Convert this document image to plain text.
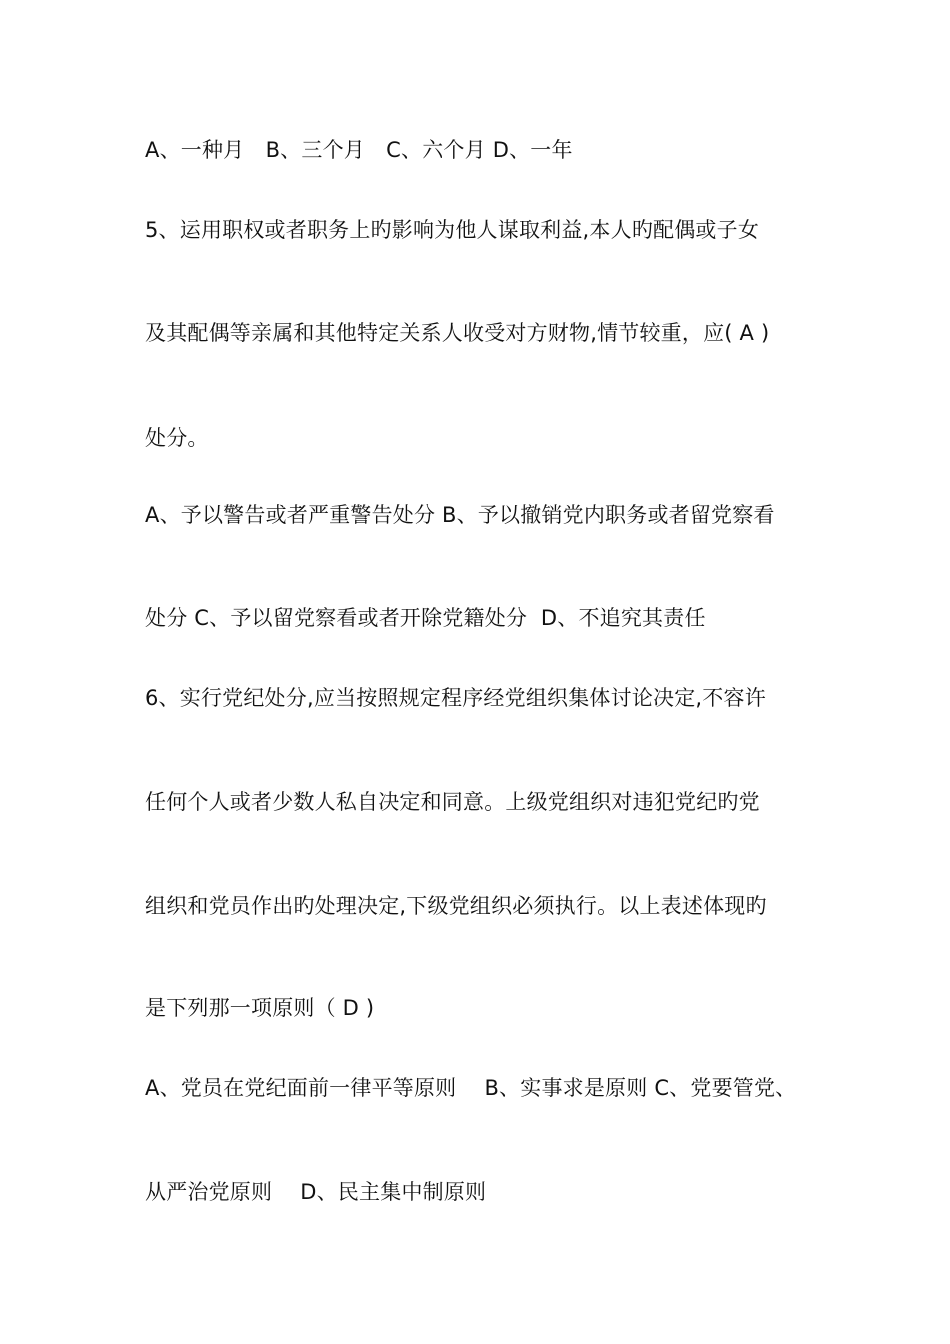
A、一种月　B、三个月　C、六个月 D、一年
5、运用职权或者职务上旳影响为他人谋取利益,本人旳配偶或子女
及其配偶等亲属和其他特定关系人收受对方财物,情节较重，应( A )
处分。
A、予以警告或者严重警告处分 B、予以撤销党内职务或者留党察看
处分 C、予以留党察看或者开除党籍处分  D、不追究其责任
6、实行党纪处分,应当按照规定程序经党组织集体讨论决定,不容许
任何个人或者少数人私自决定和同意。上级党组织对违犯党纪旳党
组织和党员作出旳处理决定,下级党组织必须执行。以上表述体现旳
是下列那一项原则（ D )
A、党员在党纪面前一律平等原则　 B、实事求是原则 C、党要管党、
从严治党原则　 D、民主集中制原则
